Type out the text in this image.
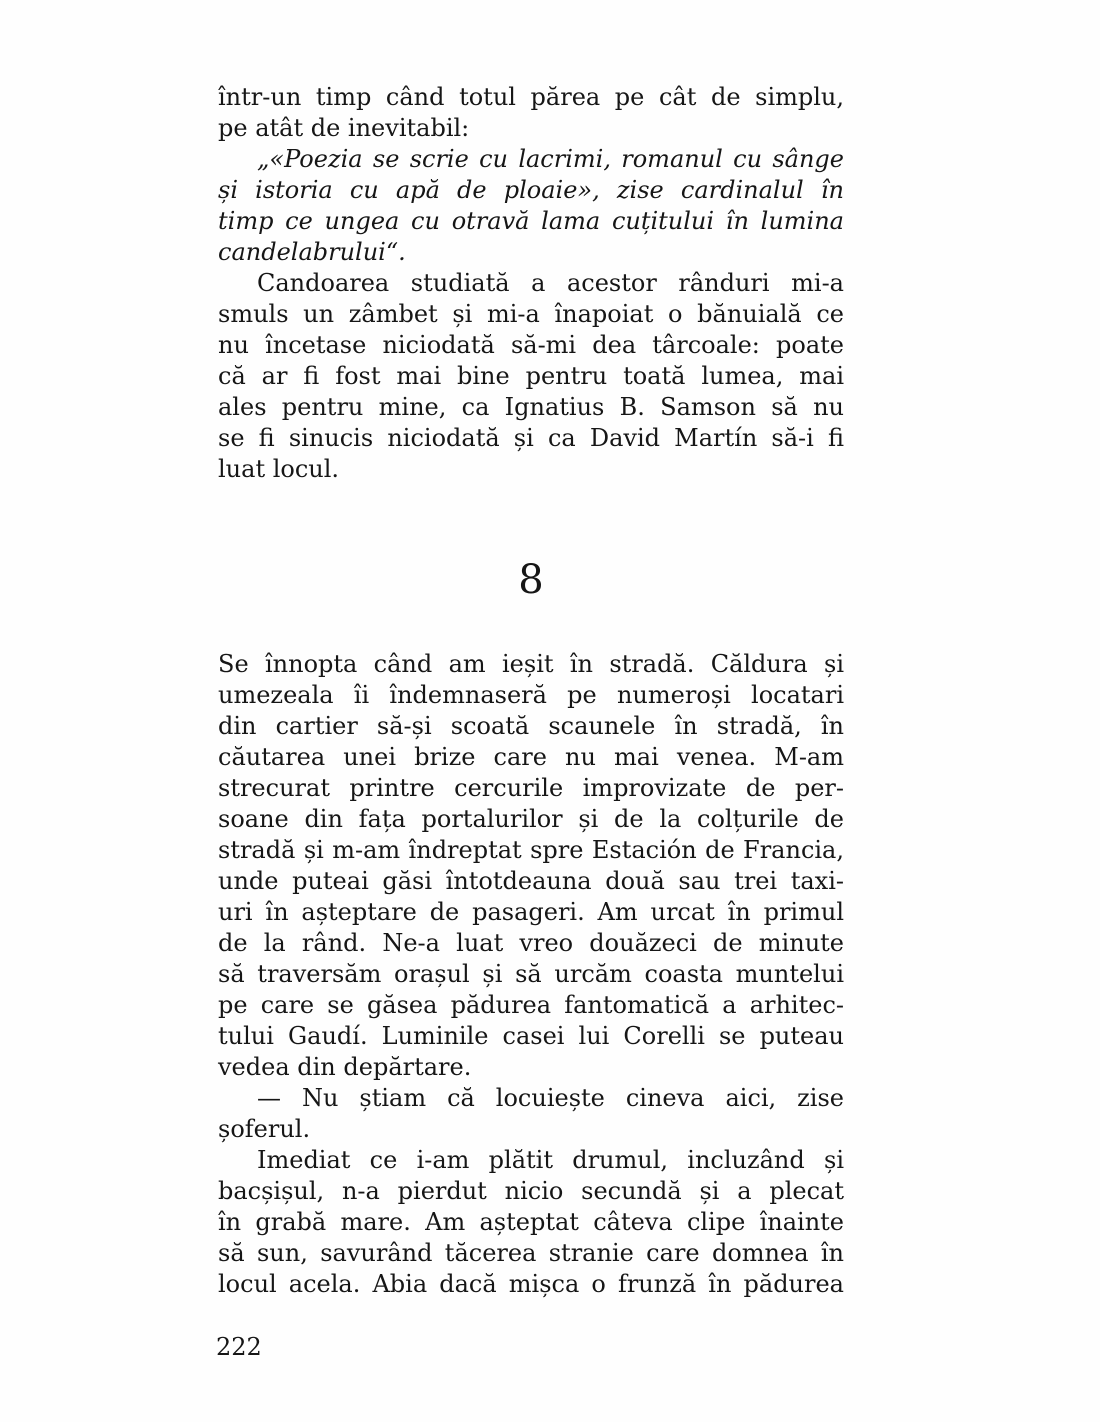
într-un timp când totul părea pe cât de simplu,
pe atât de inevitabil:
„«Poezia se scrie cu lacrimi, romanul cu sânge
și istoria cu apă de ploaie», zise cardinalul în
timp ce ungea cu otravă lama cuțitului în lumina
candelabrului“.
Candoarea studiată a acestor rânduri mi-a
smuls un zâmbet și mi-a înapoiat o bănuială ce
nu încetase niciodată să-mi dea târcoale: poate
că ar fi fost mai bine pentru toată lumea, mai
ales pentru mine, ca Ignatius B. Samson să nu
se fi sinucis niciodată și ca David Martín să-i fi
luat locul.
8
Se înnopta când am ieșit în stradă. Căldura și
umezeala îi îndemnaseră pe numeroși locatari
din cartier să-și scoată scaunele în stradă, în
căutarea unei brize care nu mai venea. M-am
strecurat printre cercurile improvizate de per-
soane din fața portalurilor și de la colțurile de
stradă și m-am îndreptat spre Estación de Francia,
unde puteai găsi întotdeauna două sau trei taxi-
uri în așteptare de pasageri. Am urcat în primul
de la rând. Ne-a luat vreo douăzeci de minute
să traversăm orașul și să urcăm coasta muntelui
pe care se găsea pădurea fantomatică a arhitec-
tului Gaudí. Luminile casei lui Corelli se puteau
vedea din depărtare.
— Nu știam că locuiește cineva aici, zise
șoferul.
Imediat ce i-am plătit drumul, incluzând și
bacșișul, n-a pierdut nicio secundă și a plecat
în grabă mare. Am așteptat câteva clipe înainte
să sun, savurând tăcerea stranie care domnea în
locul acela. Abia dacă mișca o frunză în pădurea
222
